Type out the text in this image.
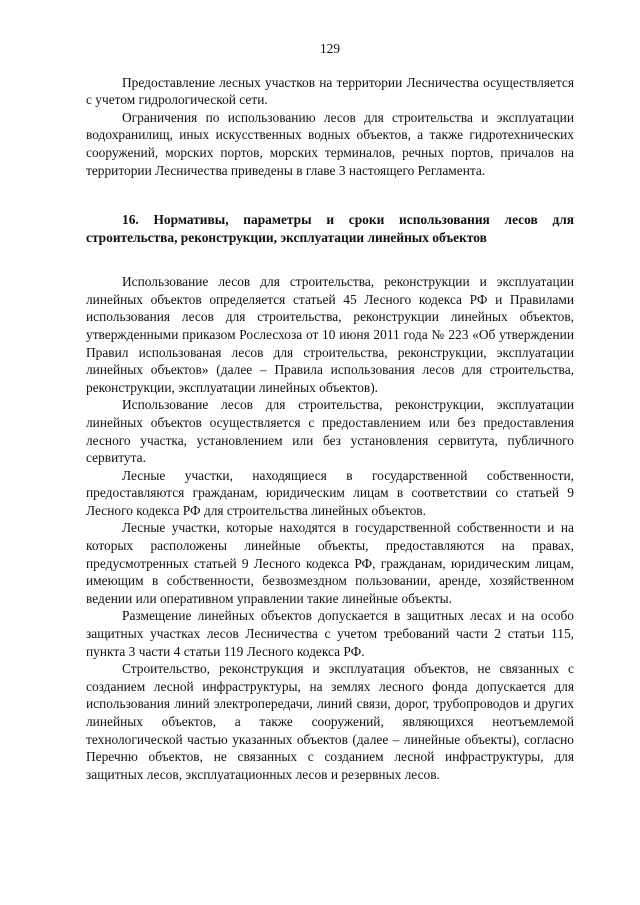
129

Предоставление лесных участков на территории Лесничества осуществляется с учетом гидрологической сети.

Ограничения по использованию лесов для строительства и эксплуатации водохранилищ, иных искусственных водных объектов, а также гидротехнических сооружений, морских портов, морских терминалов, речных портов, причалов на территории Лесничества приведены в главе 3 настоящего Регламента.

16. Нормативы, параметры и сроки использования лесов для строительства, реконструкции, эксплуатации линейных объектов

Использование лесов для строительства, реконструкции и эксплуатации линейных объектов определяется статьей 45 Лесного кодекса РФ и Правилами использования лесов для строительства, реконструкции линейных объектов, утвержденными приказом Рослесхоза от 10 июня 2011 года № 223 «Об утверждении Правил использованая лесов для строительства, реконструкции, эксплуатации линейных объектов» (далее – Правила использования лесов для строительства, реконструкции, эксплуатации линейных объектов).

Использование лесов для строительства, реконструкции, эксплуатации линейных объектов осуществляется с предоставлением или без предоставления лесного участка, установлением или без установления сервитута, публичного сервитута.

Лесные участки, находящиеся в государственной собственности, предоставляются гражданам, юридическим лицам в соответствии со статьей 9 Лесного кодекса РФ для строительства линейных объектов.

Лесные участки, которые находятся в государственной собственности и на которых расположены линейные объекты, предоставляются на правах, предусмотренных статьей 9 Лесного кодекса РФ, гражданам, юридическим лицам, имеющим в собственности, безвозмездном пользовании, аренде, хозяйственном ведении или оперативном управлении такие линейные объекты.

Размещение линейных объектов допускается в защитных лесах и на особо защитных участках лесов Лесничества с учетом требований части 2 статьи 115, пункта 3 части 4 статьи 119 Лесного кодекса РФ.

Строительство, реконструкция и эксплуатация объектов, не связанных с созданием лесной инфраструктуры, на землях лесного фонда допускается для использования линий электропередачи, линий связи, дорог, трубопроводов и других линейных объектов, а также сооружений, являющихся неотъемлемой технологической частью указанных объектов (далее – линейные объекты), согласно Перечню объектов, не связанных с созданием лесной инфраструктуры, для защитных лесов, эксплуатационных лесов и резервных лесов.
